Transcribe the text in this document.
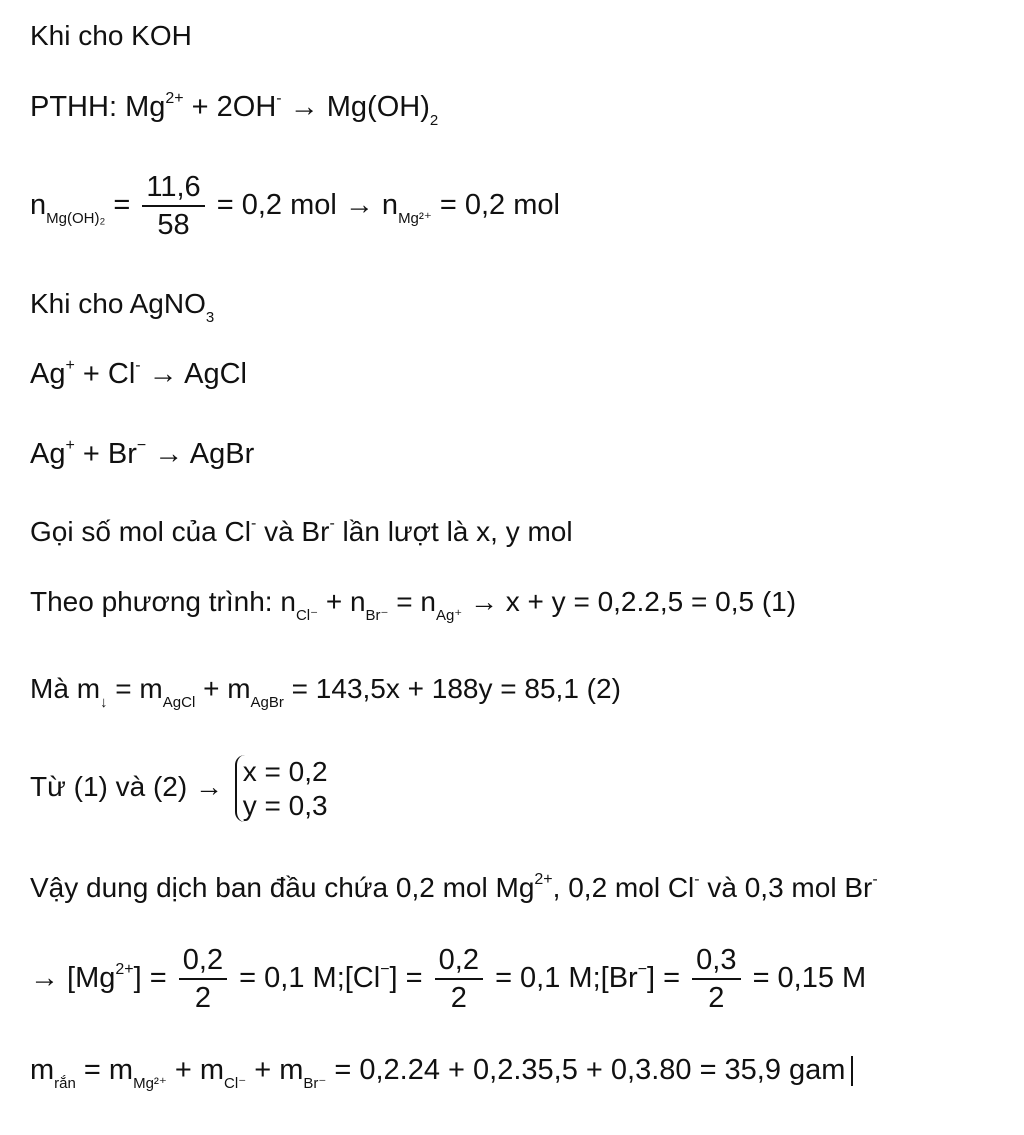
Khi cho KOH
PTHH: $Mg^{2+} + 2OH^- \to Mg(OH)_2$
$n_{Mg(OH)_2} = \frac{11,6}{58} = 0,2$ mol → $n_{Mg^{2+}} = 0,2$ mol
Khi cho AgNO$_3$
Ag+ + Cl- → AgCl
Ag+ + Br− → AgBr
Gọi số mol của Cl- và Br- lần lượt là x, y mol
Theo phương trình: $n_{Cl^-} + n_{Br^-} = n_{Ag^+} \to x + y = 0,2.2,5 = 0,5$ (1)
Mà $m_↓ = m_{AgCl} + m_{AgBr} = 143,5x + 188y = 85,1$ (2)
Từ (1) và (2) → x = 0,2
y = 0,3
Vậy dung dịch ban đầu chứa 0,2 mol $Mg^{2+}$, 0,2 mol Cl- và 0,3 mol Br-
→ $[Mg^{2+}] = \frac{0,2}{2} = 0,1$ M;[Cl−] = $\frac{0,2}{2} = 0,1$ M;[Br−] = $\frac{0,3}{2} = 0,15$ M
$m_{rắn} = m_{Mg^{2+}} + m_{Cl^-} + m_{Br^-} = 0,2.24 + 0,2.35,5 + 0,3.80 = 35,9$ gam
